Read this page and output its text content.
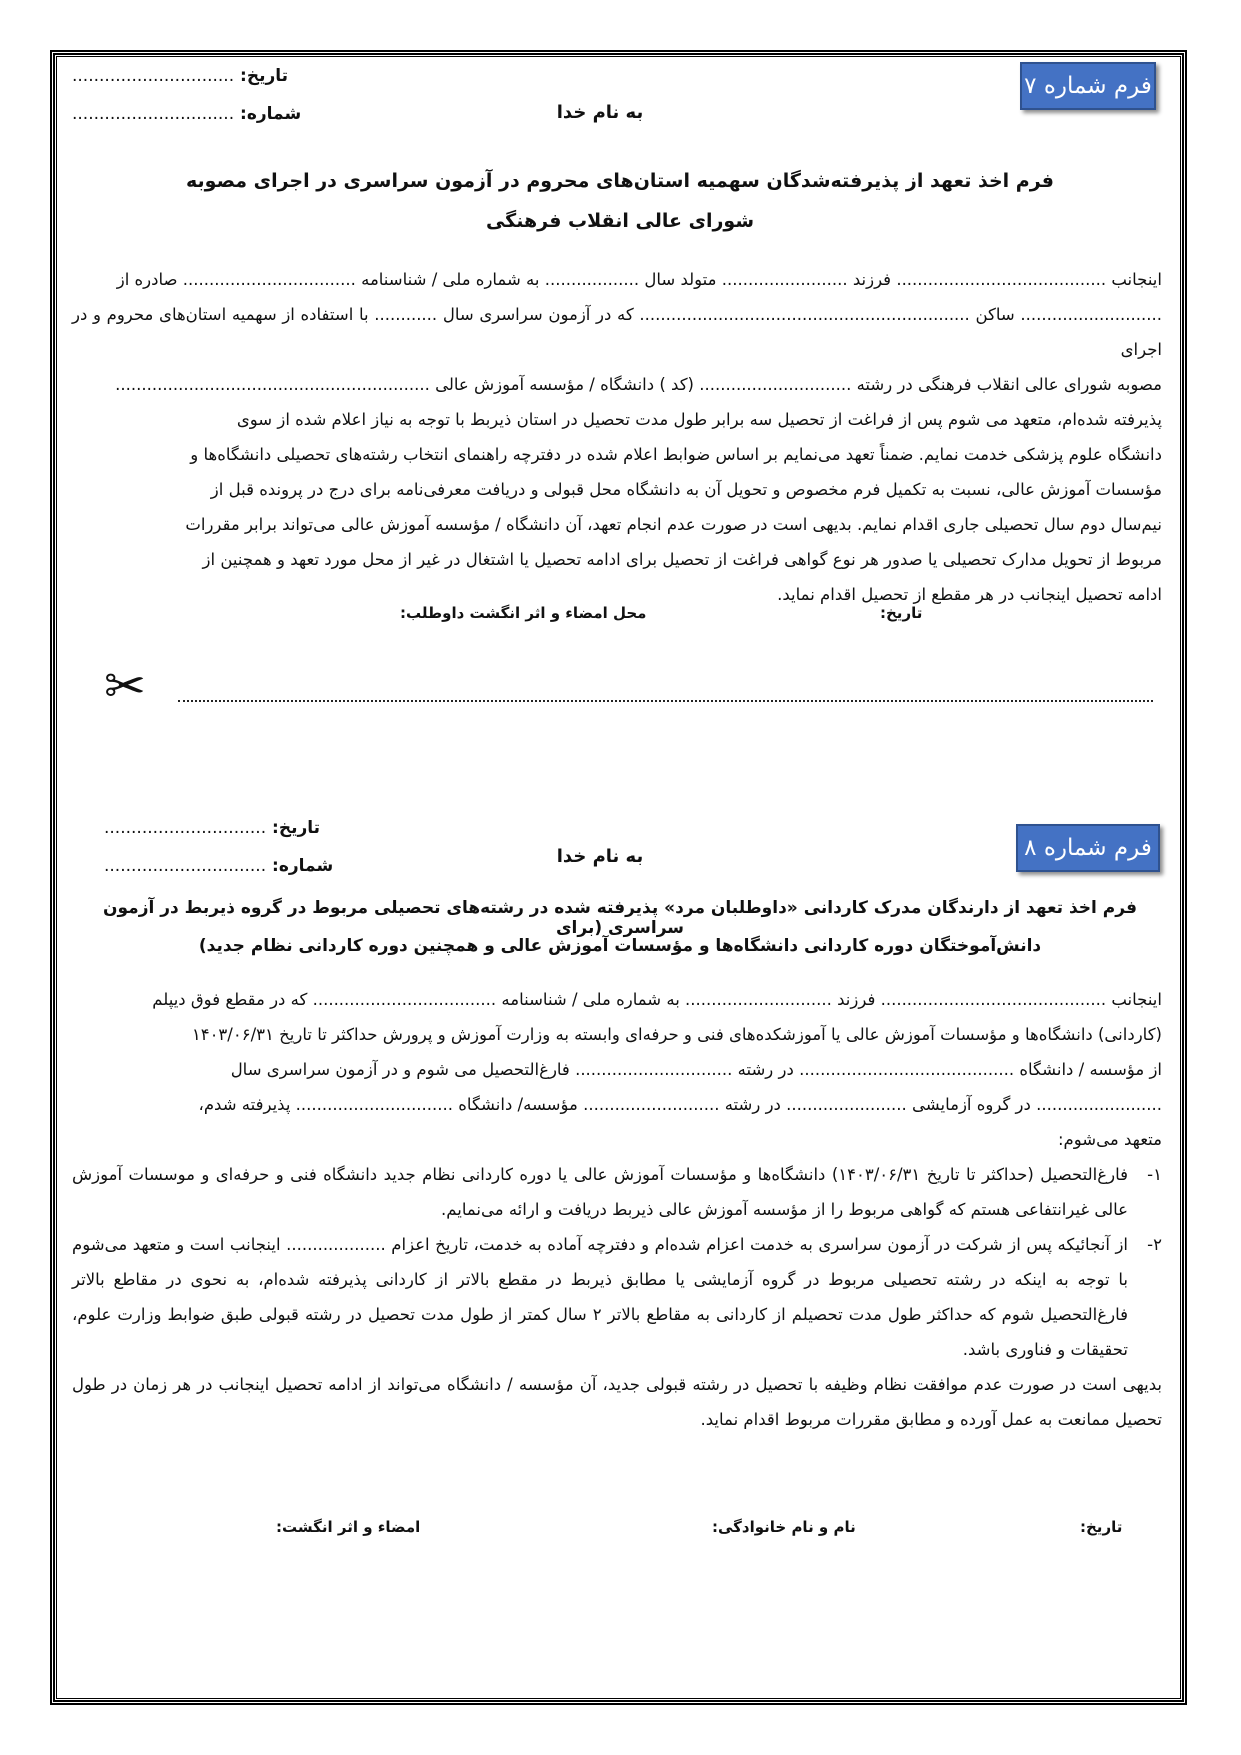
فرم شماره ۷
تاریخ: ..............................
شماره: ..............................	به نام خدا
فرم اخذ تعهد از پذیرفته‌شدگان سهمیه استان‌های محروم در آزمون سراسری در اجرای مصوبه
شورای عالی انقلاب فرهنگی

اینجانب ........................................ فرزند ........................ متولد سال .................. به شماره ملی / شناسنامه ................................. صادره از

........................... ساکن ............................................................... که در آزمون سراسری سال ............ با استفاده از سهمیه استان‌های محروم و در اجرای

مصوبه شورای عالی انقلاب فرهنگی در رشته ............................. (کد ) دانشگاه / مؤسسه آموزش عالی ............................................................

پذیرفته شده‌ام، متعهد می شوم پس از فراغت از تحصیل سه برابر طول مدت تحصیل در استان ذیربط با توجه به نیاز اعلام شده از سوی

دانشگاه علوم پزشکی خدمت نمایم. ضمناً تعهد می‌نمایم بر اساس ضوابط اعلام شده در دفترچه راهنمای انتخاب رشته‌های تحصیلی دانشگاه‌ها و

مؤسسات آموزش عالی، نسبت به تکمیل فرم مخصوص و تحویل آن به دانشگاه محل قبولی و دریافت معرفی‌نامه برای درج در پرونده قبل از

نیم‌سال دوم سال تحصیلی جاری اقدام نمایم. بدیهی است در صورت عدم انجام تعهد، آن دانشگاه / مؤسسه آموزش عالی می‌تواند برابر مقررات

مربوط از تحویل مدارک تحصیلی یا صدور هر نوع گواهی فراغت از تحصیل برای ادامه تحصیل یا اشتغال در غیر از محل مورد تعهد و همچنین از

ادامه تحصیل اینجانب در هر مقطع از تحصیل اقدام نماید.

تاریخ:
محل امضاء و اثر انگشت داوطلب:
✂
فرم شماره ۸
تاریخ: ..............................
شماره: ..............................	به نام خدا
فرم اخذ تعهد از دارندگان مدرک کاردانی «داوطلبان مرد» پذیرفته شده در رشته‌های تحصیلی مربوط در گروه ذیربط در آزمون سراسری (برای
دانش‌آموختگان دوره کاردانی دانشگاه‌ها و مؤسسات آموزش عالی و همچنین دوره کاردانی نظام جدید)

اینجانب ........................................... فرزند ............................ به شماره ملی / شناسنامه ................................... که در مقطع فوق دیپلم

(کاردانی) دانشگاه‌ها و مؤسسات آموزش عالی یا آموزشکده‌های فنی و حرفه‌ای وابسته به وزارت آموزش و پرورش حداکثر تا تاریخ ۱۴۰۳/۰۶/۳۱

از مؤسسه / دانشگاه ......................................... در رشته .............................. فارغ‌التحصیل می شوم و در آزمون سراسری سال

........................ در گروه آزمایشی ....................... در رشته .......................... مؤسسه/ دانشگاه .............................. پذیرفته شدم،

متعهد می‌شوم:

۱-
فارغ‌التحصیل (حداکثر تا تاریخ ۱۴۰۳/۰۶/۳۱) دانشگاه‌ها و مؤسسات آموزش عالی یا دوره کاردانی نظام جدید دانشگاه فنی و حرفه‌ای و موسسات آموزش عالی غیرانتفاعی هستم که گواهی مربوط را از مؤسسه آموزش عالی ذیربط دریافت و ارائه می‌نمایم.
۲-
از آنجائیکه پس از شرکت در آزمون سراسری به خدمت اعزام شده‌ام و دفترچه آماده به خدمت، تاریخ اعزام ................... اینجانب است و متعهد می‌شوم با توجه به اینکه در رشته تحصیلی مربوط در گروه آزمایشی یا مطابق ذیربط در مقطع بالاتر از کاردانی پذیرفته شده‌ام، به نحوی در مقاطع بالاتر فارغ‌التحصیل شوم که حداکثر طول مدت تحصیلم از کاردانی به مقاطع بالاتر ۲ سال کمتر از طول مدت تحصیل در رشته قبولی طبق ضوابط وزارت علوم، تحقیقات و فناوری باشد.

بدیهی است در صورت عدم موافقت نظام وظیفه با تحصیل در رشته قبولی جدید، آن مؤسسه / دانشگاه می‌تواند از ادامه تحصیل اینجانب در هر زمان در طول تحصیل ممانعت به عمل آورده و مطابق مقررات مربوط اقدام نماید.

تاریخ:
نام و نام خانوادگی:
امضاء و اثر انگشت:
